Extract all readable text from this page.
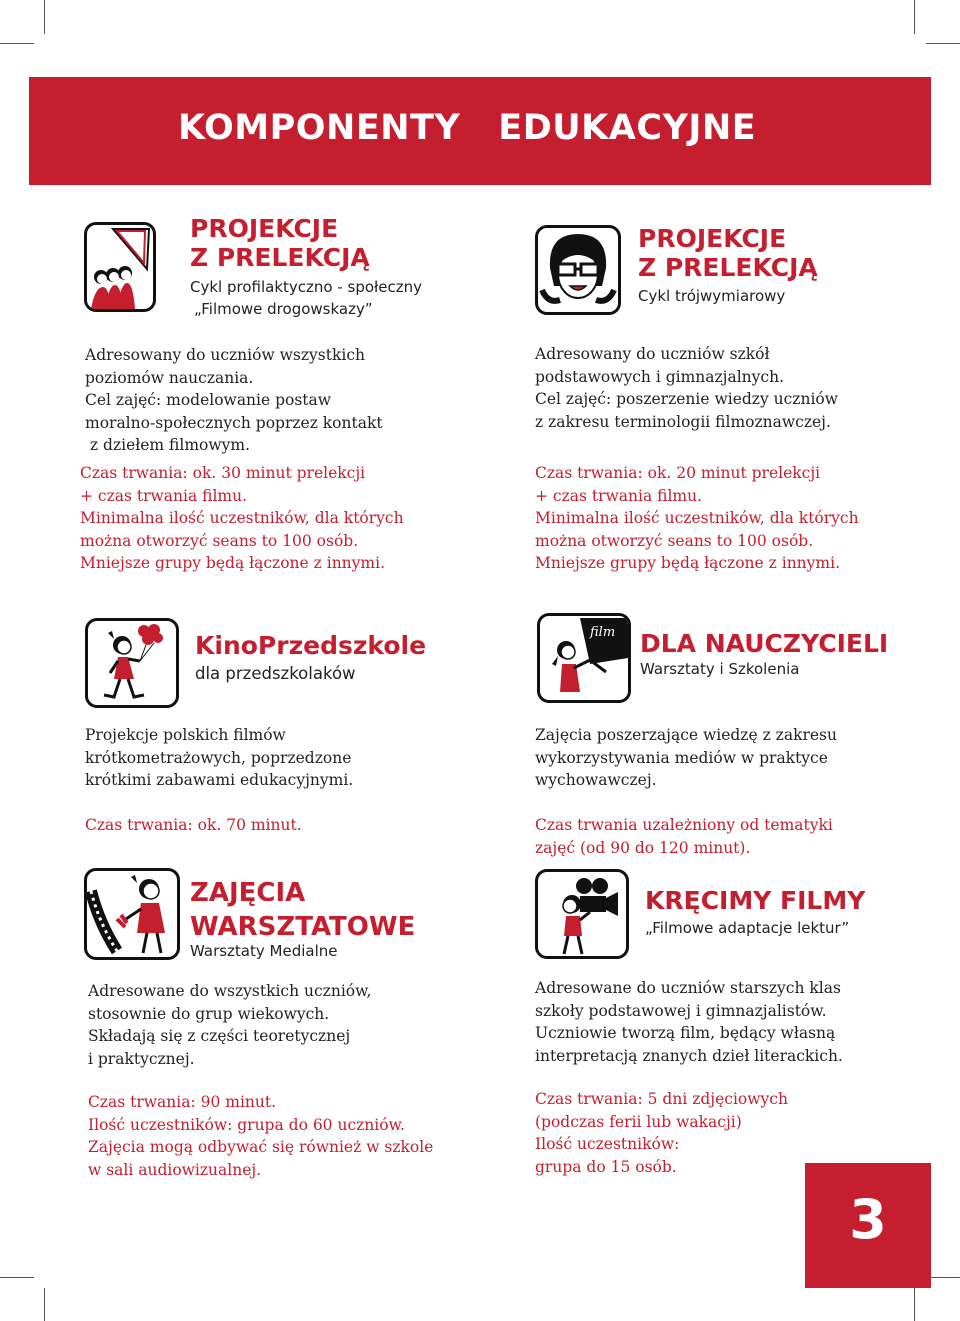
KOMPONENTY   EDUKACYJNE
PROJEKCJE
Z PRELEKCJĄ
Cykl profilaktyczno - społeczny
„Filmowe drogowskazy”
Adresowany do uczniów wszystkich
poziomów nauczania.
Cel zajęć: modelowanie postaw
moralno-społecznych poprzez kontakt
z dziełem filmowym.
Czas trwania: ok. 30 minut prelekcji
+ czas trwania filmu.
Minimalna ilość uczestników, dla których
można otworzyć seans to 100 osób.
Mniejsze grupy będą łączone z innymi.
PROJEKCJE
Z PRELEKCJĄ
Cykl trójwymiarowy
Adresowany do uczniów szkół
podstawowych i gimnazjalnych.
Cel zajęć: poszerzenie wiedzy uczniów
z zakresu terminologii filmoznawczej.
Czas trwania: ok. 20 minut prelekcji
+ czas trwania filmu.
Minimalna ilość uczestników, dla których
można otworzyć seans to 100 osób.
Mniejsze grupy będą łączone z innymi.
KinoPrzedszkole
dla przedszkolaków
Projekcje polskich filmów
krótkometrażowych, poprzedzone
krótkimi zabawami edukacyjnymi.
Czas trwania: ok. 70 minut.
film DLA NAUCZYCIELI
Warsztaty i Szkolenia
Zajęcia poszerzające wiedzę z zakresu
wykorzystywania mediów w praktyce
wychowawczej.
Czas trwania uzależniony od tematyki
zajęć (od 90 do 120 minut).
ZAJĘCIA
WARSZTATOWE
Warsztaty Medialne
Adresowane do wszystkich uczniów,
stosownie do grup wiekowych.
Składają się z części teoretycznej
i praktycznej.
Czas trwania: 90 minut.
Ilość uczestników: grupa do 60 uczniów.
Zajęcia mogą odbywać się również w szkole
w sali audiowizualnej.
KRĘCIMY FILMY
„Filmowe adaptacje lektur”
Adresowane do uczniów starszych klas
szkoły podstawowej i gimnazjalistów.
Uczniowie tworzą film, będący własną
interpretacją znanych dzieł literackich.
Czas trwania: 5 dni zdjęciowych
(podczas ferii lub wakacji)
Ilość uczestników:
grupa do 15 osób.
3
